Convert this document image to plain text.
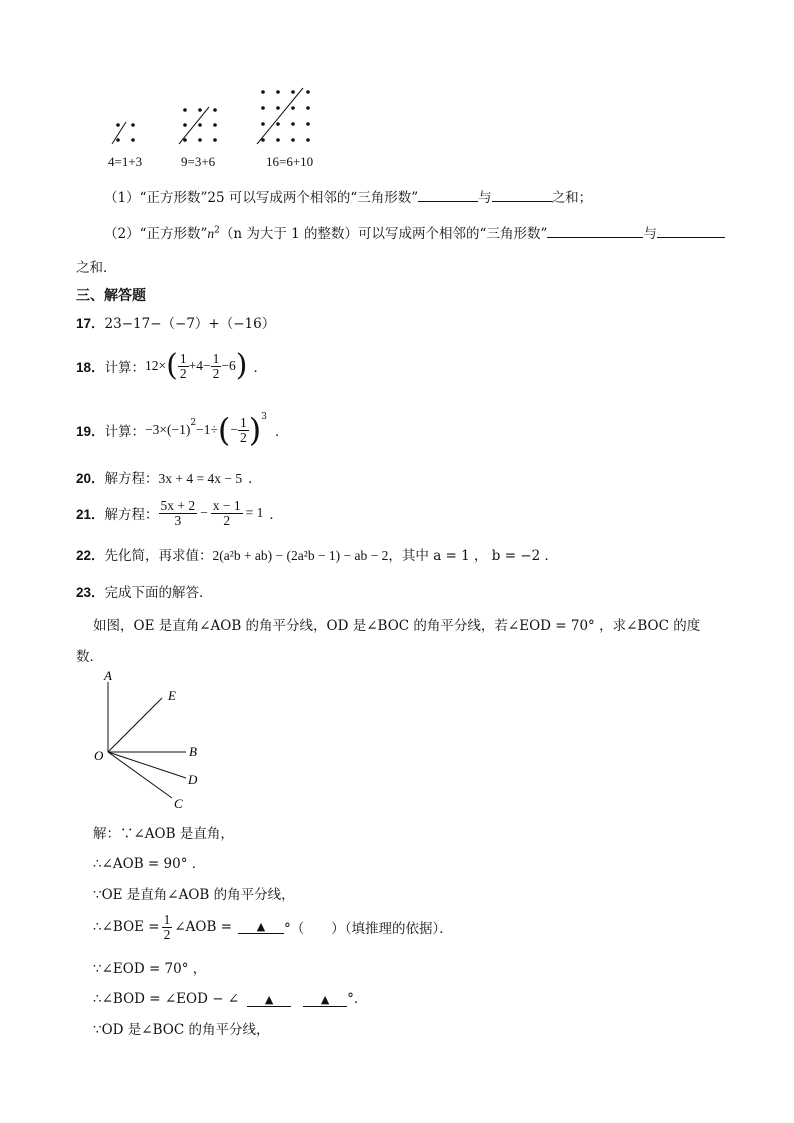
4=1+3	9=3+6	16=6+10
（1）“正方形数”25 可以写成两个相邻的“三角形数”	与	之和；
（2）“正方形数$”n^2(n$ 为大于 1 的整数）可以写成两个相邻的“三角形数”	与
之和．
三、解答题
17．23−17−（−7）+（−16）
18． 计算： 12× ( $\frac{1}{2} +4- \frac{1}{2} -6$ ) ．
19． 计算： $-3\times(-1)^2 -1\div$ ( − $\frac{1}{2} )^3$
．
20．解方程：3x + 4 = 4x − 5 ．
21． 解方程： $\frac{5x + 2}{3} - \frac{x - 1}{2} = 1$ ．
22．先化简，再求值：2(a²b + ab) − (2a²b − 1) − ab − 2，其中 a = 1 ， b = −2 ．
23．完成下面的解答．
如图，OE 是直角∠AOB 的角平分线，OD 是∠BOC 的角平分线，若∠EOD = 70° ，求∠BOC 的度
数．
A
E
B
D
C
O
解：∵∠AOB 是直角，
∴∠AOB = 90° ．
∵OE 是直角∠AOB 的角平分线，
∴∠BOE = $\frac{1}{2}$ ∠AOB =	▲	°（　　）（填推理的依据）．
∵∠EOD = 70° ，
∴∠BOD = ∠EOD − ∠ ▲	▲ °．
∵OD 是∠BOC 的角平分线，
